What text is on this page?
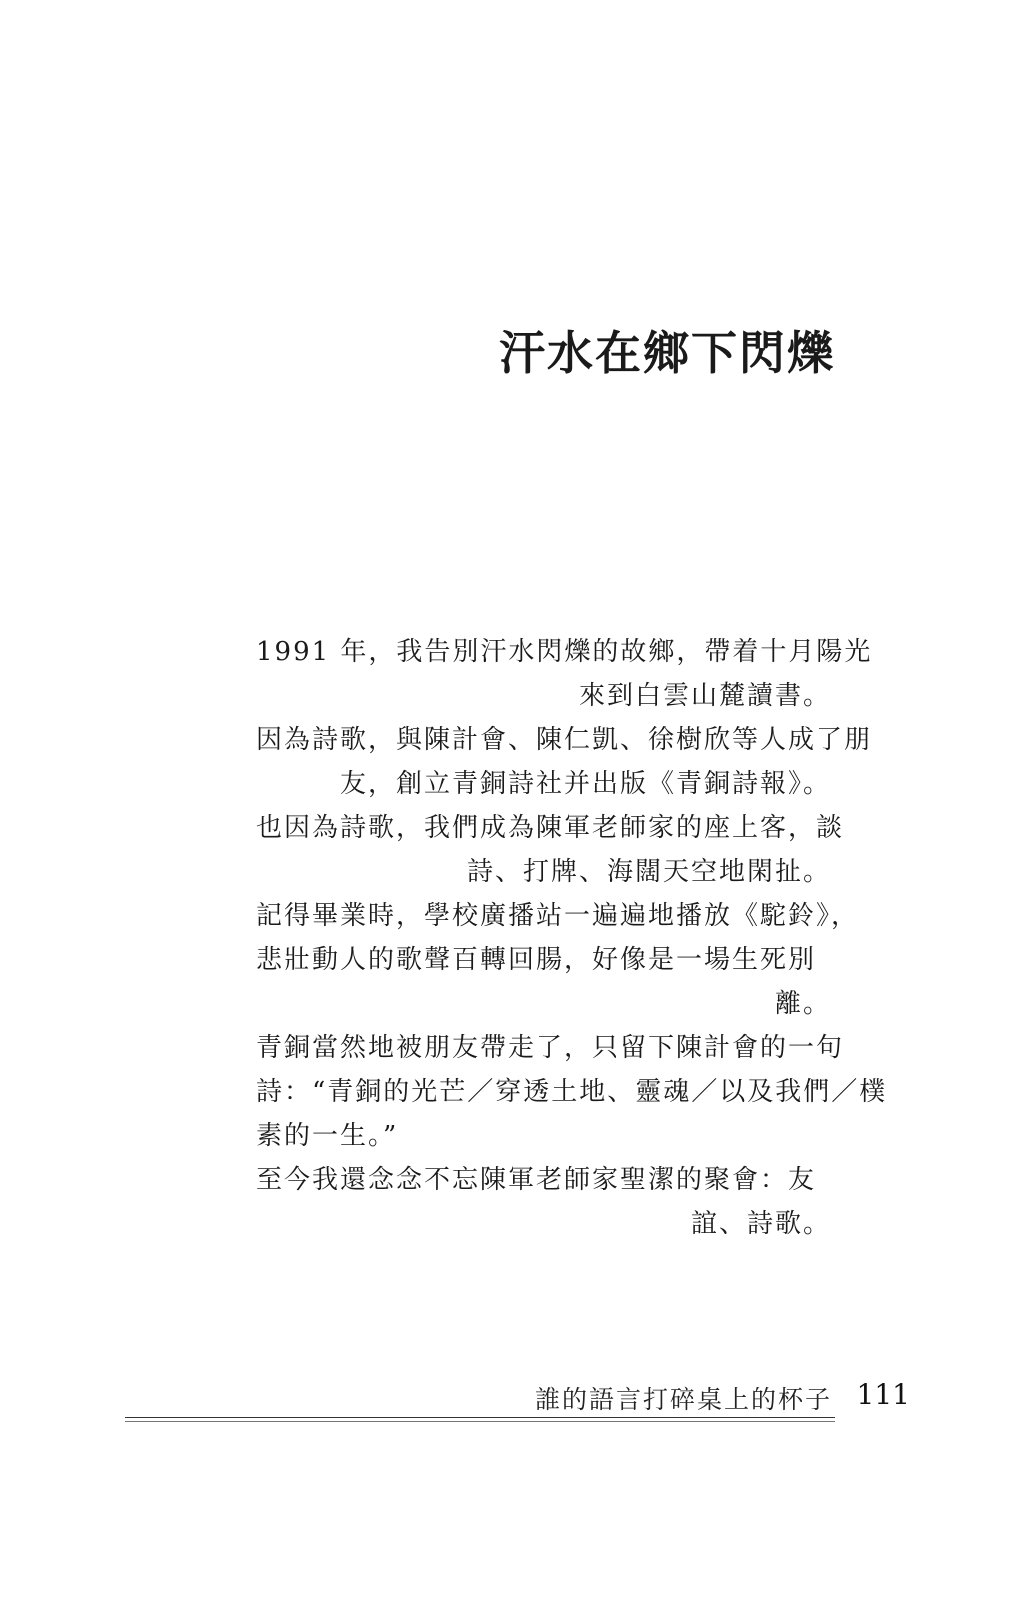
汗水在鄉下閃爍

1991 年，我告別汗水閃爍的故鄉，帶着十月陽光
來到白雲山麓讀書。

因為詩歌，與陳計會、陳仁凱、徐樹欣等人成了朋
友，創立青銅詩社并出版《青銅詩報》。

也因為詩歌，我們成為陳軍老師家的座上客，談
詩、打牌、海闊天空地閑扯。

記得畢業時，學校廣播站一遍遍地播放《駝鈴》，
悲壯動人的歌聲百轉回腸，好像是一場生死別
離。

青銅當然地被朋友帶走了，只留下陳計會的一句
詩：“青銅的光芒／穿透土地、靈魂／以及我們／樸
素的一生。”

至今我還念念不忘陳軍老師家聖潔的聚會：友
誼、詩歌。

誰的語言打碎桌上的杯子 111
